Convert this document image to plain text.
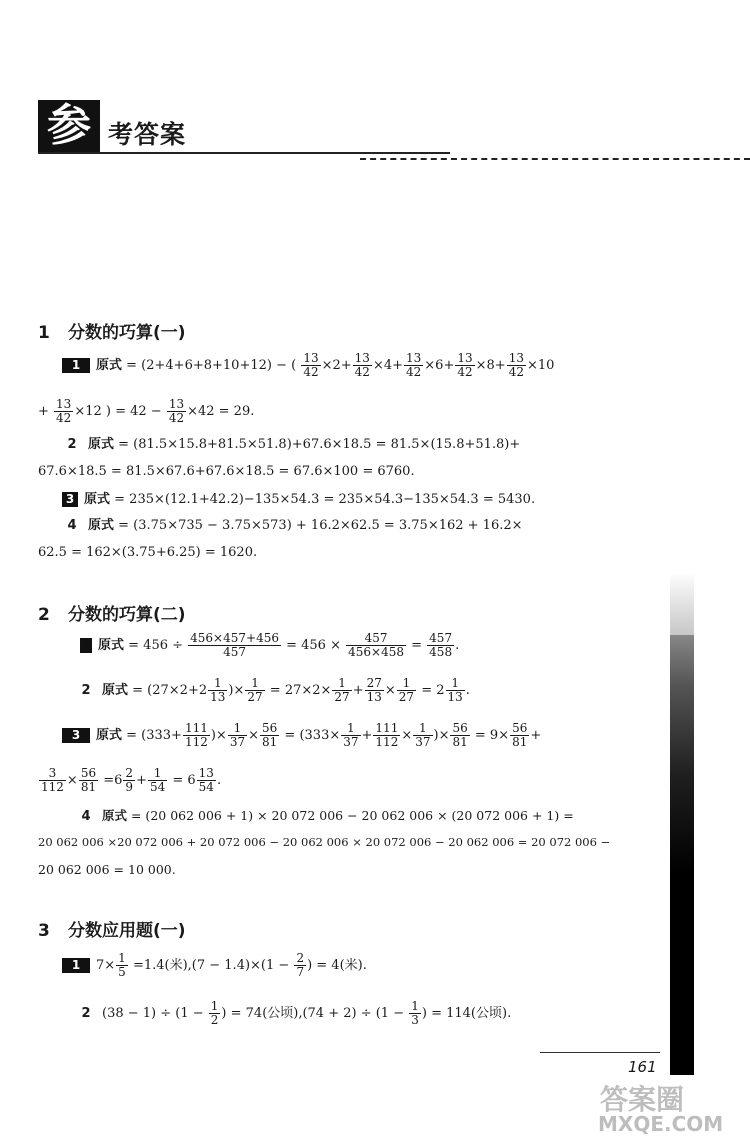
参 考答案
1 分数的巧算(一)
1 原式 = (2+4+6+8+10+12) − ( $\frac{13}{42} \times 2+ \frac{13}{42} \times 4+ \frac{13}{42} \times 6+ \frac{13}{42} \times 8+ \frac{13}{42} \times 10$
+ $\frac{13}{42} \times 12$ ) = $42 - \frac{13}{42} \times 42 = 29$.
2 原式 = (81.5×15.8+81.5×51.8)+67.6×18.5 = 81.5×(15.8+51.8)+
67.6×18.5 = 81.5×67.6+67.6×18.5 = 67.6×100 = 6760.
3 原式 = 235×(12.1+42.2)−135×54.3 = 235×54.3−135×54.3 = 5430.
4 原式 = (3.75×735 − 3.75×573) + 16.2×62.5 = 3.75×162 + 16.2×
62.5 = 162×(3.75+6.25) = 1620.
2 分数的巧算(二)
1 原式 = $456 \div \frac{456\times 457+456}{457} = 456 \times \frac{457}{456\times 458} = \frac{457}{458}$ .
2 原式 = ($27\times 2+2 \frac{1}{13}$ )× $\frac{1}{27} = 27\times 2\times \frac{1}{27} + \frac{27}{13} \times \frac{1}{27} = 2 \frac{1}{13}$ .
3 原式 = ($333+ \frac{111}{112}$ )× $\frac{1}{37} \times \frac{56}{81} = (333\times \frac{1}{37} + \frac{111}{112} \times \frac{1}{37}$ )× $\frac{56}{81} = 9\times \frac{56}{81}$ +
$\frac{3}{112} \times \frac{56}{81} =6 \frac{2}{9} + \frac{1}{54} = 6 \frac{13}{54}$ .
4 原式 = (20 062 006 + 1) × 20 072 006 − 20 062 006 × (20 072 006 + 1) =
20 062 006 ×20 072 006 + 20 072 006 − 20 062 006 × 20 072 006 − 20 062 006 = 20 072 006 −
20 062 006 = 10 000.
3 分数应用题(一)
1 $7\times \frac{1}{5} =1.4$(米)$,(7 - 1.4)\times(1 - \frac{2}{7}$ ) = 4(米).
2 $(38 - 1) \div (1 - \frac{1}{2}$ ) = 74(公顷)$,(74 + 2) \div (1 - \frac{1}{3}$ ) = 114(公顷).
161
答案圈
MXQE.COM
